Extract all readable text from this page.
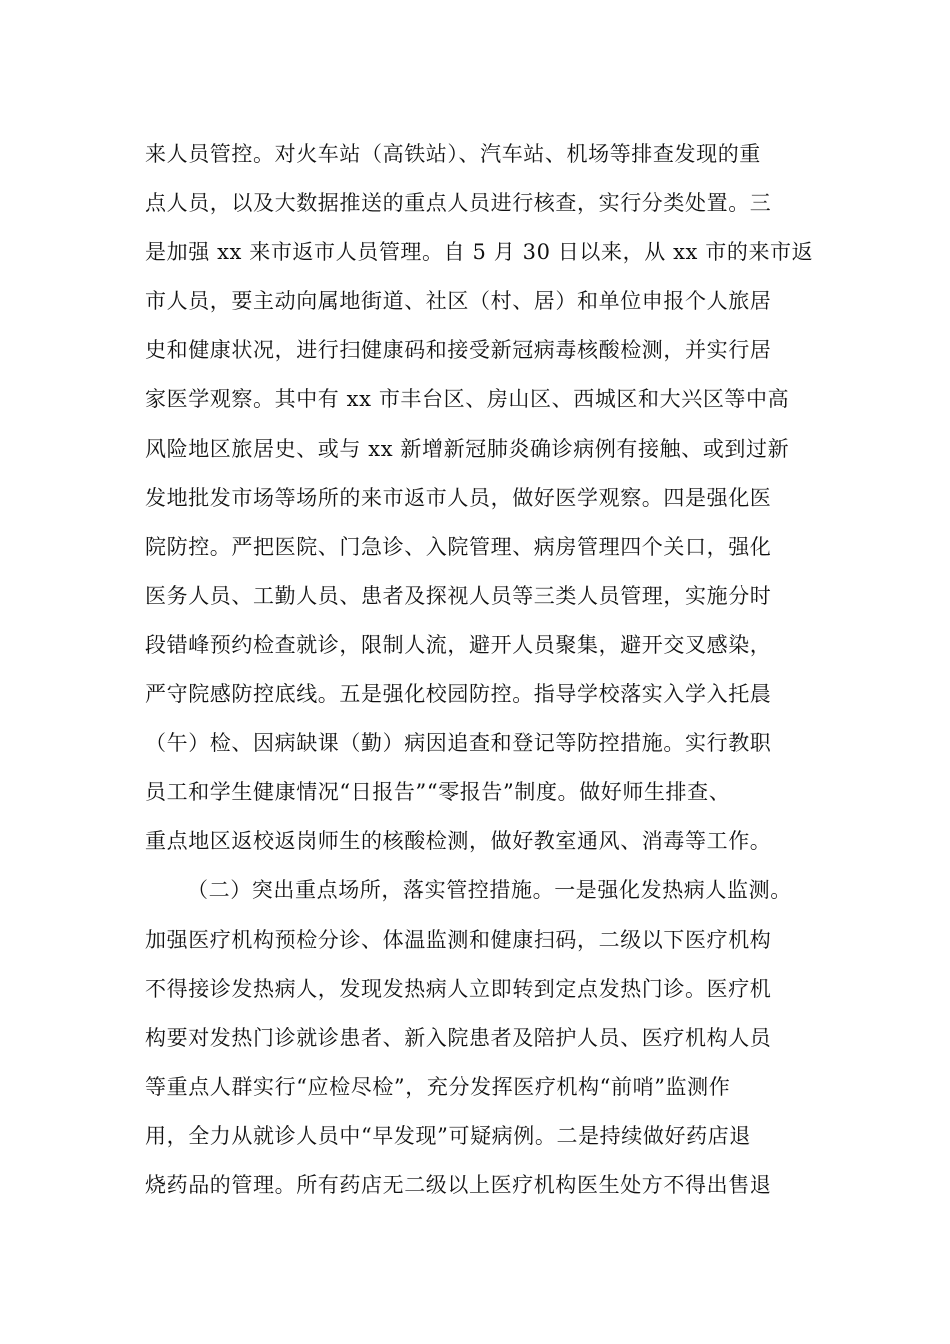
来人员管控。对火车站（高铁站）、汽车站、机场等排查发现的重
点人员，以及大数据推送的重点人员进行核查，实行分类处置。三
是加强 xx 来市返市人员管理。自 5 月 30 日以来，从 xx 市的来市返
市人员，要主动向属地街道、社区（村、居）和单位申报个人旅居
史和健康状况，进行扫健康码和接受新冠病毒核酸检测，并实行居
家医学观察。其中有 xx 市丰台区、房山区、西城区和大兴区等中高
风险地区旅居史、或与 xx 新增新冠肺炎确诊病例有接触、或到过新
发地批发市场等场所的来市返市人员，做好医学观察。四是强化医
院防控。严把医院、门急诊、入院管理、病房管理四个关口，强化
医务人员、工勤人员、患者及探视人员等三类人员管理，实施分时
段错峰预约检查就诊，限制人流，避开人员聚集，避开交叉感染，
严守院感防控底线。五是强化校园防控。指导学校落实入学入托晨
（午）检、因病缺课（勤）病因追查和登记等防控措施。实行教职
员工和学生健康情况“日报告”“零报告”制度。做好师生排查、
重点地区返校返岗师生的核酸检测，做好教室通风、消毒等工作。
（二）突出重点场所，落实管控措施。一是强化发热病人监测。
加强医疗机构预检分诊、体温监测和健康扫码，二级以下医疗机构
不得接诊发热病人，发现发热病人立即转到定点发热门诊。医疗机
构要对发热门诊就诊患者、新入院患者及陪护人员、医疗机构人员
等重点人群实行“应检尽检”，充分发挥医疗机构“前哨”监测作
用，全力从就诊人员中“早发现”可疑病例。二是持续做好药店退
烧药品的管理。所有药店无二级以上医疗机构医生处方不得出售退
